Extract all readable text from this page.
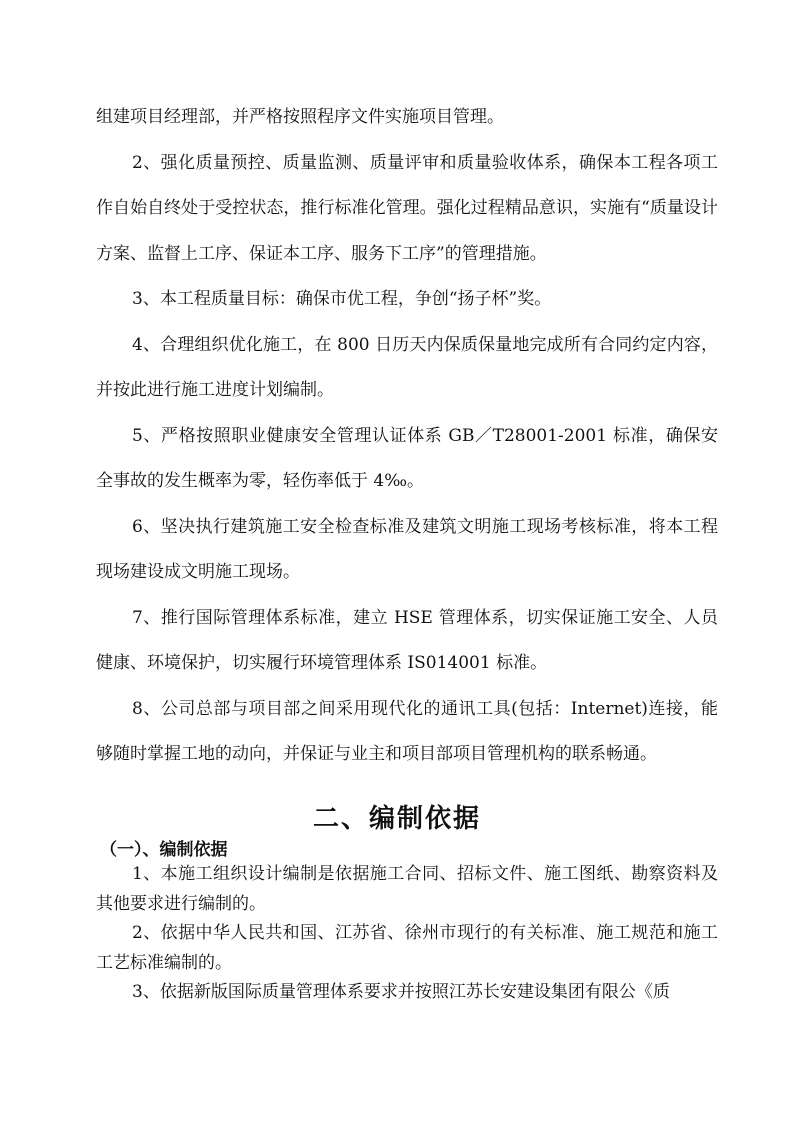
组建项目经理部，并严格按照程序文件实施项目管理。

2、强化质量预控、质量监测、质量评审和质量验收体系，确保本工程各项工作自始自终处于受控状态，推行标准化管理。强化过程精品意识，实施有“质量设计方案、监督上工序、保证本工序、服务下工序”的管理措施。

3、本工程质量目标：确保市优工程，争创“扬子杯”奖。

4、合理组织优化施工，在 800 日历天内保质保量地完成所有合同约定内容，并按此进行施工进度计划编制。

5、严格按照职业健康安全管理认证体系 GB／T28001-2001 标准，确保安全事故的发生概率为零，轻伤率低于 4‰。

6、坚决执行建筑施工安全检查标准及建筑文明施工现场考核标准，将本工程现场建设成文明施工现场。

7、推行国际管理体系标准，建立 HSE 管理体系，切实保证施工安全、人员健康、环境保护，切实履行环境管理体系 IS014001 标准。

8、公司总部与项目部之间采用现代化的通讯工具(包括：Internet)连接，能够随时掌握工地的动向，并保证与业主和项目部项目管理机构的联系畅通。

二、编制依据
（一）、编制依据

1、本施工组织设计编制是依据施工合同、招标文件、施工图纸、勘察资料及其他要求进行编制的。

2、依据中华人民共和国、江苏省、徐州市现行的有关标准、施工规范和施工工艺标准编制的。

3、依据新版国际质量管理体系要求并按照江苏长安建设集团有限公《质
